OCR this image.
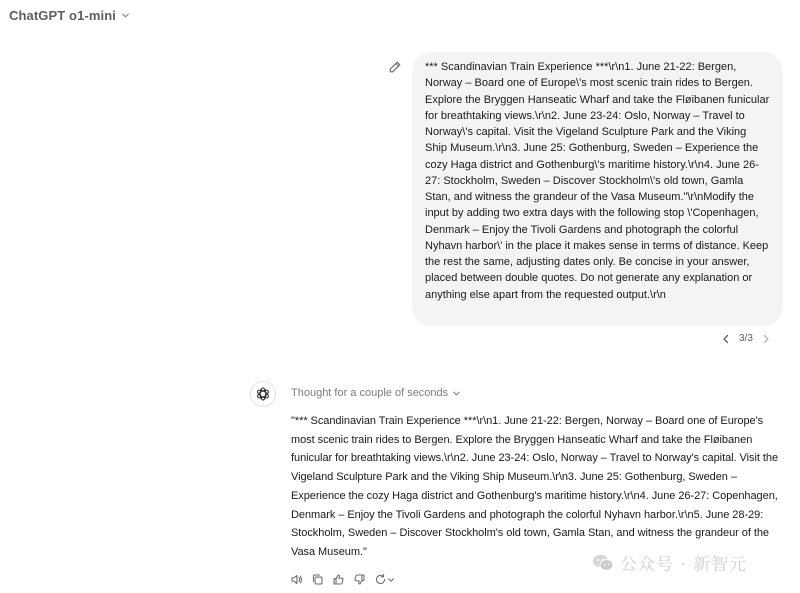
ChatGPT o1-mini
*** Scandinavian Train Experience ***\r\n1. June 21-22: Bergen, Norway – Board one of Europe\'s most scenic train rides to Bergen. Explore the Bryggen Hanseatic Wharf and take the Fløibanen funicular for breathtaking views.\r\n2. June 23-24: Oslo, Norway – Travel to Norway\'s capital. Visit the Vigeland Sculpture Park and the Viking Ship Museum.\r\n3. June 25: Gothenburg, Sweden – Experience the cozy Haga district and Gothenburg\'s maritime history.\r\n4. June 26-27: Stockholm, Sweden – Discover Stockholm\'s old town, Gamla Stan, and witness the grandeur of the Vasa Museum."\r\nModify the input by adding two extra days with the following stop \'Copenhagen, Denmark – Enjoy the Tivoli Gardens and photograph the colorful Nyhavn harbor\' in the place it makes sense in terms of distance. Keep the rest the same, adjusting dates only. Be concise in your answer, placed between double quotes. Do not generate any explanation or anything else apart from the requested output.\r\n
3/3
Thought for a couple of seconds
"*** Scandinavian Train Experience ***\r\n1. June 21-22: Bergen, Norway – Board one of Europe's most scenic train rides to Bergen. Explore the Bryggen Hanseatic Wharf and take the Fløibanen funicular for breathtaking views.\r\n2. June 23-24: Oslo, Norway – Travel to Norway's capital. Visit the Vigeland Sculpture Park and the Viking Ship Museum.\r\n3. June 25: Gothenburg, Sweden – Experience the cozy Haga district and Gothenburg's maritime history.\r\n4. June 26-27: Copenhagen, Denmark – Enjoy the Tivoli Gardens and photograph the colorful Nyhavn harbor.\r\n5. June 28-29: Stockholm, Sweden – Discover Stockholm's old town, Gamla Stan, and witness the grandeur of the Vasa Museum."
公众号 · 新智元
